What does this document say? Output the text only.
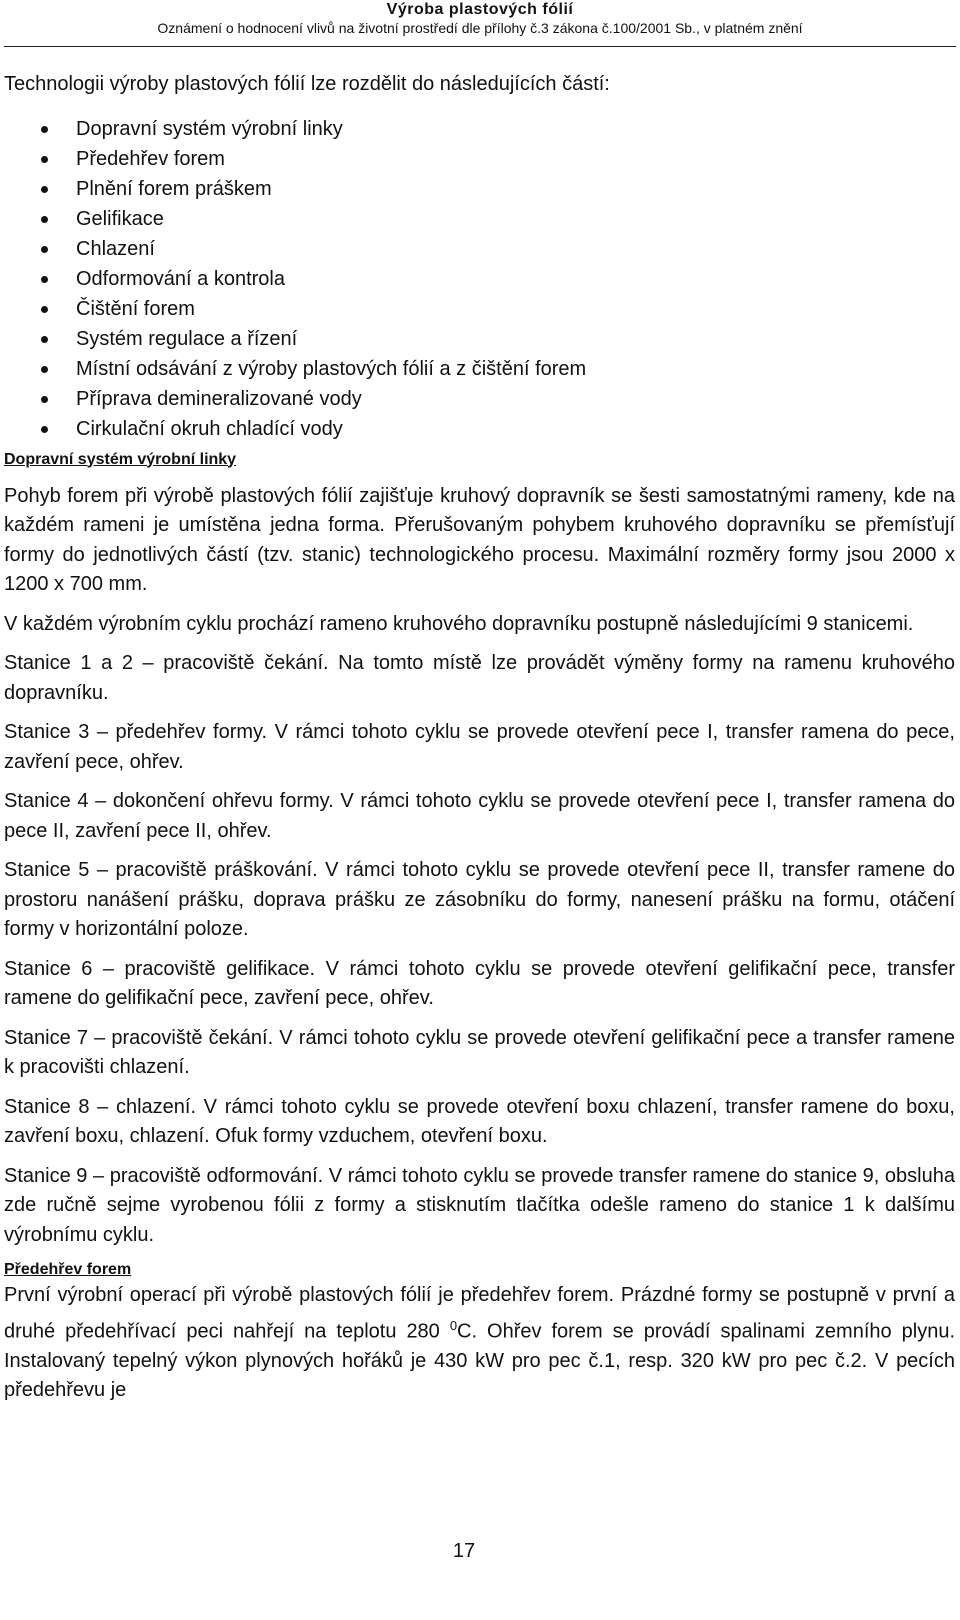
Výroba plastových fólií
Oznámení o hodnocení vlivů na životní prostředí dle přílohy č.3 zákona č.100/2001 Sb., v platném znění

Technologii výroby plastových fólií lze rozdělit do následujících částí:

Dopravní systém výrobní linky
Předehřev forem
Plnění forem práškem
Gelifikace
Chlazení
Odformování a kontrola
Čištění forem
Systém regulace a řízení
Místní odsávání z výroby plastových fólií a z čištění forem
Příprava demineralizované vody
Cirkulační okruh chladící vody
Dopravní systém výrobní linky

Pohyb forem při výrobě plastových fólií zajišťuje kruhový dopravník se šesti samostatnými rameny, kde na každém rameni je umístěna jedna forma. Přerušovaným pohybem kruhového dopravníku se přemísťují formy do jednotlivých částí (tzv. stanic) technologického procesu. Maximální rozměry formy jsou 2000 x 1200 x 700 mm.

V každém výrobním cyklu prochází rameno kruhového dopravníku postupně následujícími 9 stanicemi.

Stanice 1 a 2 – pracoviště čekání. Na tomto místě lze provádět výměny formy na ramenu kruhového dopravníku.

Stanice 3 – předehřev formy. V rámci tohoto cyklu se provede otevření pece I, transfer ramena do pece, zavření pece, ohřev.

Stanice 4 – dokončení ohřevu formy. V rámci tohoto cyklu se provede otevření pece I, transfer ramena do pece II, zavření pece II, ohřev.

Stanice 5 – pracoviště práškování. V rámci tohoto cyklu se provede otevření pece II, transfer ramene do prostoru nanášení prášku, doprava prášku ze zásobníku do formy, nanesení prášku na formu, otáčení formy v horizontální poloze.

Stanice 6 – pracoviště gelifikace. V rámci tohoto cyklu se provede otevření gelifikační pece, transfer ramene do gelifikační pece, zavření pece, ohřev.

Stanice 7 – pracoviště čekání. V rámci tohoto cyklu se provede otevření gelifikační pece a transfer ramene k pracovišti chlazení.

Stanice 8 – chlazení. V rámci tohoto cyklu se provede otevření boxu chlazení, transfer ramene do boxu, zavření boxu, chlazení. Ofuk formy vzduchem, otevření boxu.

Stanice 9 – pracoviště odformování. V rámci tohoto cyklu se provede transfer ramene do stanice 9, obsluha zde ručně sejme vyrobenou fólii z formy a stisknutím tlačítka odešle rameno do stanice 1 k dalšímu výrobnímu cyklu.

Předehřev forem

První výrobní operací při výrobě plastových fólií je předehřev forem. Prázdné formy se postupně v první a druhé předehřívací peci nahřejí na teplotu 280 $^0$C. Ohřev forem se provádí spalinami zemního plynu. Instalovaný tepelný výkon plynových hořáků je 430 kW pro pec č.1, resp. 320 kW pro pec č.2. V pecích předehřevu je

17
